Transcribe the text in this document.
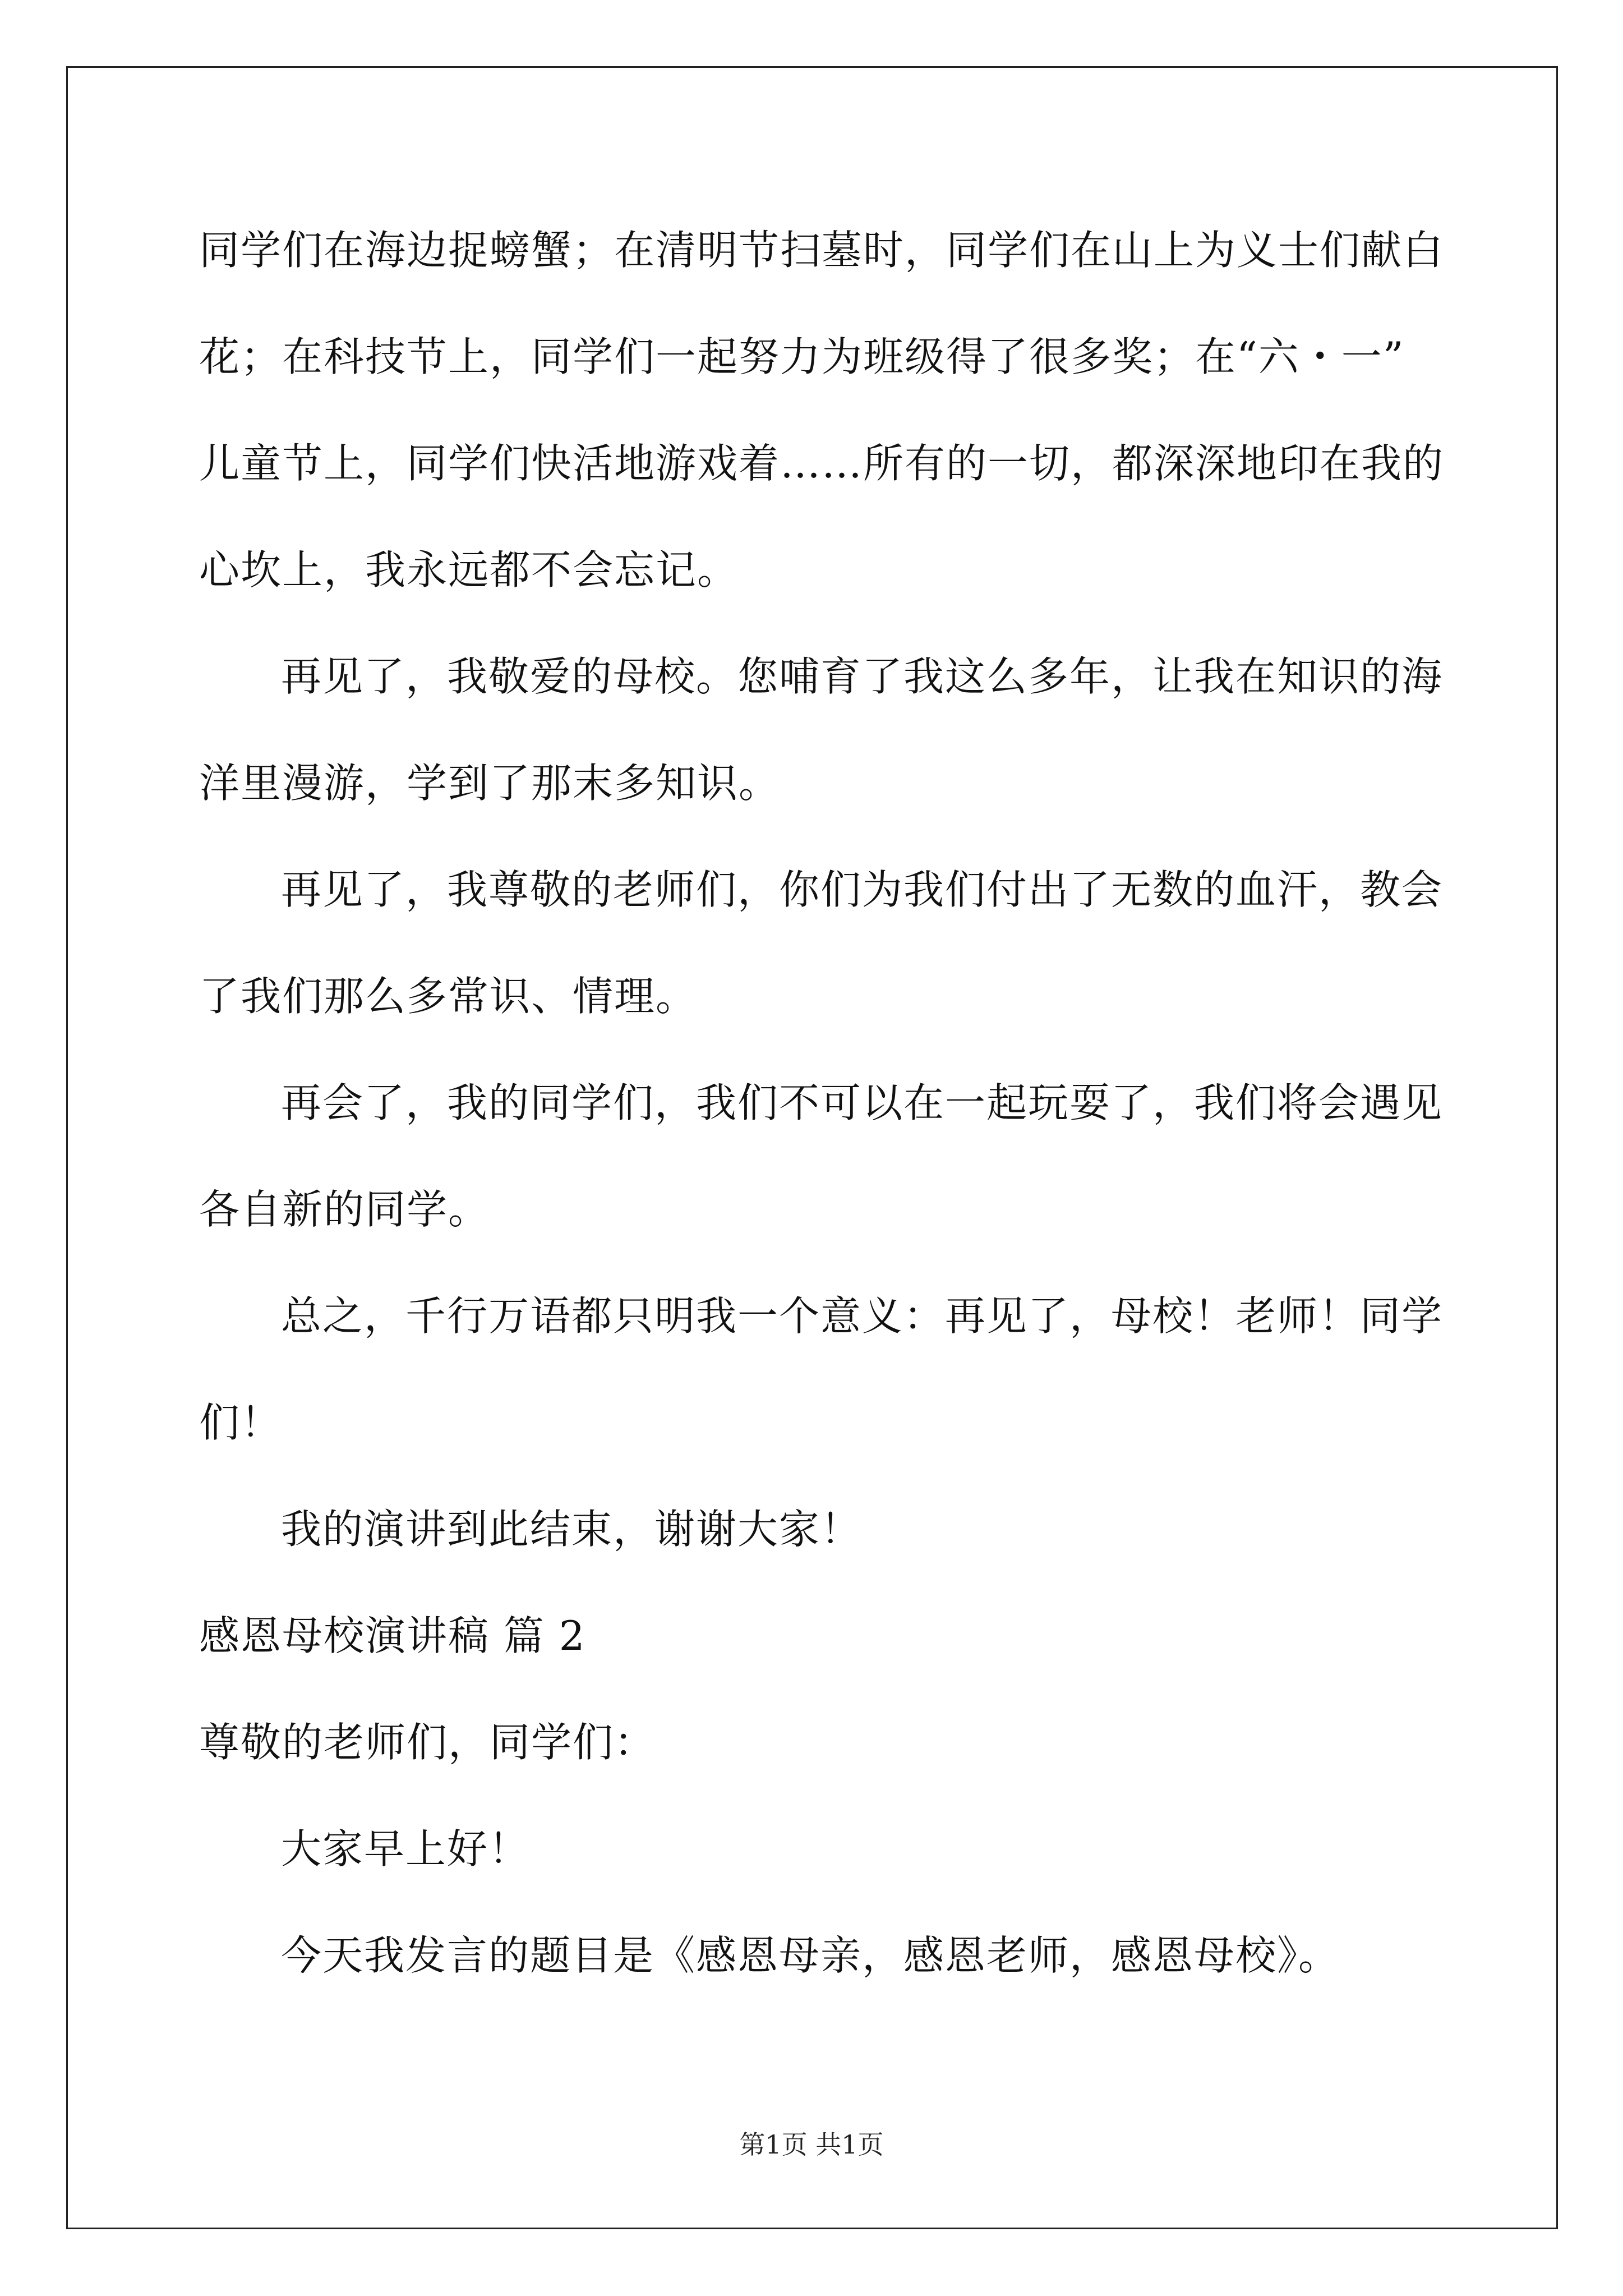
同学们在海边捉螃蟹；在清明节扫墓时，同学们在山上为义士们献白
花；在科技节上，同学们一起努力为班级得了很多奖；在“六・一”
儿童节上，同学们快活地游戏着……所有的一切，都深深地印在我的
心坎上，我永远都不会忘记。
再见了，我敬爱的母校。您哺育了我这么多年，让我在知识的海
洋里漫游，学到了那末多知识。
再见了，我尊敬的老师们，你们为我们付出了无数的血汗，教会
了我们那么多常识、情理。
再会了，我的同学们，我们不可以在一起玩耍了，我们将会遇见
各自新的同学。
总之，千行万语都只明我一个意义：再见了，母校！老师！同学
们！
我的演讲到此结束，谢谢大家！
感恩母校演讲稿 篇 2
尊敬的老师们，同学们：
大家早上好！
今天我发言的题目是《感恩母亲，感恩老师，感恩母校》。
第1页 共1页
